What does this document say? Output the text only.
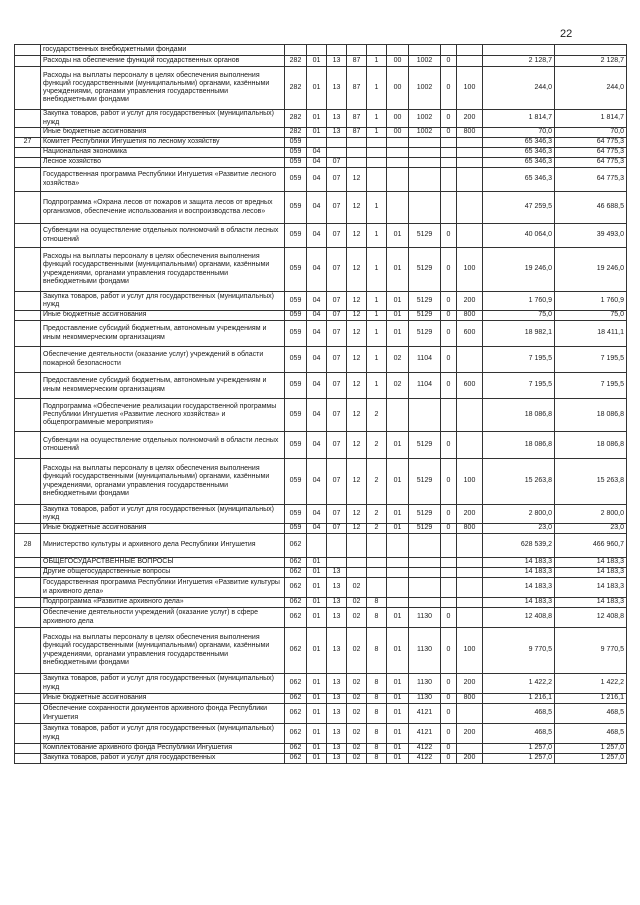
22
	государственных внебюджетными фондами											
	Расходы на обеспечение функций государственных органов	282	01	13	87	1	00	1002	0		2 128,7	2 128,7
	Расходы на выплаты персоналу в целях обеспечения выполнения функций государственными (муниципальными) органами, казёнными учреждениями, органами управления государственными внебюджетными фондами	282	01	13	87	1	00	1002	0	100	244,0	244,0
	Закупка товаров, работ и услуг для государственных (муниципальных) нужд	282	01	13	87	1	00	1002	0	200	1 814,7	1 814,7
	Иные бюджетные ассигнования	282	01	13	87	1	00	1002	0	800	70,0	70,0
27	Комитет Республики Ингушетия по лесному хозяйству	059									65 346,3	64 775,3
	Национальная экономика	059	04								65 346,3	64 775,3
	Лесное хозяйство	059	04	07							65 346,3	64 775,3
	Государственная программа Республики Ингушетия «Развитие лесного хозяйства»	059	04	07	12						65 346,3	64 775,3
	Подпрограмма «Охрана лесов от пожаров и защита лесов от вредных организмов, обеспечение использования и воспроизводства лесов»	059	04	07	12	1					47 259,5	46 688,5
	Субвенции на осуществление отдельных полномочий в области лесных отношений	059	04	07	12	1	01	5129	0		40 064,0	39 493,0
	Расходы на выплаты персоналу в целях обеспечения выполнения функций государственными (муниципальными) органами, казёнными учреждениями, органами управления государственными внебюджетными фондами	059	04	07	12	1	01	5129	0	100	19 246,0	19 246,0
	Закупка товаров, работ и услуг для государственных (муниципальных) нужд	059	04	07	12	1	01	5129	0	200	1 760,9	1 760,9
	Иные бюджетные ассигнования	059	04	07	12	1	01	5129	0	800	75,0	75,0
	Предоставление субсидий бюджетным, автономным учреждениям и иным некоммерческим организациям	059	04	07	12	1	01	5129	0	600	18 982,1	18 411,1
	Обеспечение деятельности (оказание услуг) учреждений в области пожарной безопасности	059	04	07	12	1	02	1104	0		7 195,5	7 195,5
	Предоставление субсидий бюджетным, автономным учреждениям и иным некоммерческим организациям	059	04	07	12	1	02	1104	0	600	7 195,5	7 195,5
	Подпрограмма «Обеспечение реализации государственной программы Республики Ингушетия «Развитие лесного хозяйства» и общепрограммные мероприятия»	059	04	07	12	2					18 086,8	18 086,8
	Субвенции на осуществление отдельных полномочий в области лесных отношений	059	04	07	12	2	01	5129	0		18 086,8	18 086,8
	Расходы на выплаты персоналу в целях обеспечения выполнения функций государственными (муниципальными) органами, казёнными учреждениями, органами управления государственными внебюджетными фондами	059	04	07	12	2	01	5129	0	100	15 263,8	15 263,8
	Закупка товаров, работ и услуг для государственных (муниципальных) нужд	059	04	07	12	2	01	5129	0	200	2 800,0	2 800,0
	Иные бюджетные ассигнования	059	04	07	12	2	01	5129	0	800	23,0	23,0
28	Министерство культуры и архивного дела Республики Ингушетия	062									628 539,2	466 960,7
	ОБЩЕГОСУДАРСТВЕННЫЕ ВОПРОСЫ	062	01								14 183,3	14 183,3
	Другие общегосударственные вопросы	062	01	13							14 183,3	14 183,3
	Государственная программа Республики Ингушетия «Развитие культуры и архивного дела»	062	01	13	02						14 183,3	14 183,3
	Подпрограмма «Развитие архивного дела»	062	01	13	02	8					14 183,3	14 183,3
	Обеспечение деятельности учреждений (оказание услуг) в сфере архивного дела	062	01	13	02	8	01	1130	0		12 408,8	12 408,8
	Расходы на выплаты персоналу в целях обеспечения выполнения функций государственными (муниципальными) органами, казёнными учреждениями, органами управления государственными внебюджетными фондами	062	01	13	02	8	01	1130	0	100	9 770,5	9 770,5
	Закупка товаров, работ и услуг для государственных (муниципальных) нужд	062	01	13	02	8	01	1130	0	200	1 422,2	1 422,2
	Иные бюджетные ассигнования	062	01	13	02	8	01	1130	0	800	1 216,1	1 216,1
	Обеспечение сохранности документов архивного фонда Республики Ингушетия	062	01	13	02	8	01	4121	0		468,5	468,5
	Закупка товаров, работ и услуг для государственных (муниципальных) нужд	062	01	13	02	8	01	4121	0	200	468,5	468,5
	Комплектование архивного фонда Республики Ингушетия	062	01	13	02	8	01	4122	0		1 257,0	1 257,0
	Закупка товаров, работ и услуг для государственных	062	01	13	02	8	01	4122	0	200	1 257,0	1 257,0
